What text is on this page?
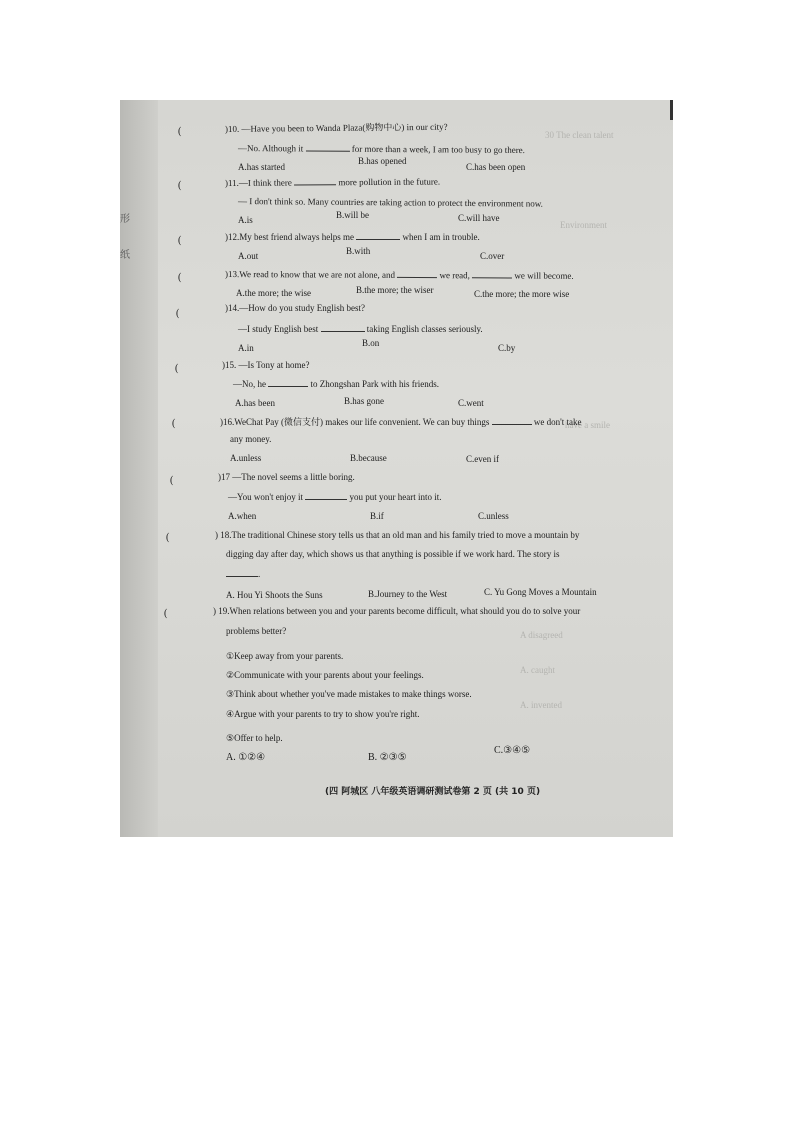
30 The clean talent
Environment
have a smile
A disagreed
A. caught
A. invented
形
纸
(	)10. —Have you been to Wanda Plaza(购物中心) in our city?
—No. Although it	for more than a week, I am too busy to go there.
A.has started
B.has opened
C.has been open
(	)11.—I think there	more pollution in the future.
— I don't think so. Many countries are taking action to protect the environment now.
A.is	B.will be	C.will have
(	)12.My best friend always helps me	when I am in trouble.
A.out	B.with	C.over
(	)13.We read to know that we are not alone, and	we read,	we will become.
A.the more; the wise	B.the more; the wiser	C.the more; the more wise
(	)14.—How do you study English best?
—I study English best	taking English classes seriously.
A.in	B.on	C.by
(	)15. —Is Tony at home?
—No, he	to Zhongshan Park with his friends.
A.has been	B.has gone	C.went
(	)16.WeChat Pay (微信支付) makes our life convenient. We can buy things	we don't take
any money.
A.unless	B.because	C.even if
(	)17 —The novel seems a little boring.
—You won't enjoy it	you put your heart into it.
A.when	B.if	C.unless
(	) 18.The traditional Chinese story tells us that an old man and his family tried to move a mountain by
digging day after day, which shows us that anything is possible if we work hard. The story is
.
A. Hou Yi Shoots the Suns	B.Journey to the West	C. Yu Gong Moves a Mountain
(	) 19.When relations between you and your parents become difficult, what should you do to solve your
problems better?
①Keep away from your parents.
②Communicate with your parents about your feelings.
③Think about whether you've made mistakes to make things worse.
④Argue with your parents to try to show you're right.
⑤Offer to help.
A. ①②④	B. ②③⑤
C.③④⑤
(四 阿城区 八年级英语调研测试卷第 2 页 (共 10 页)
